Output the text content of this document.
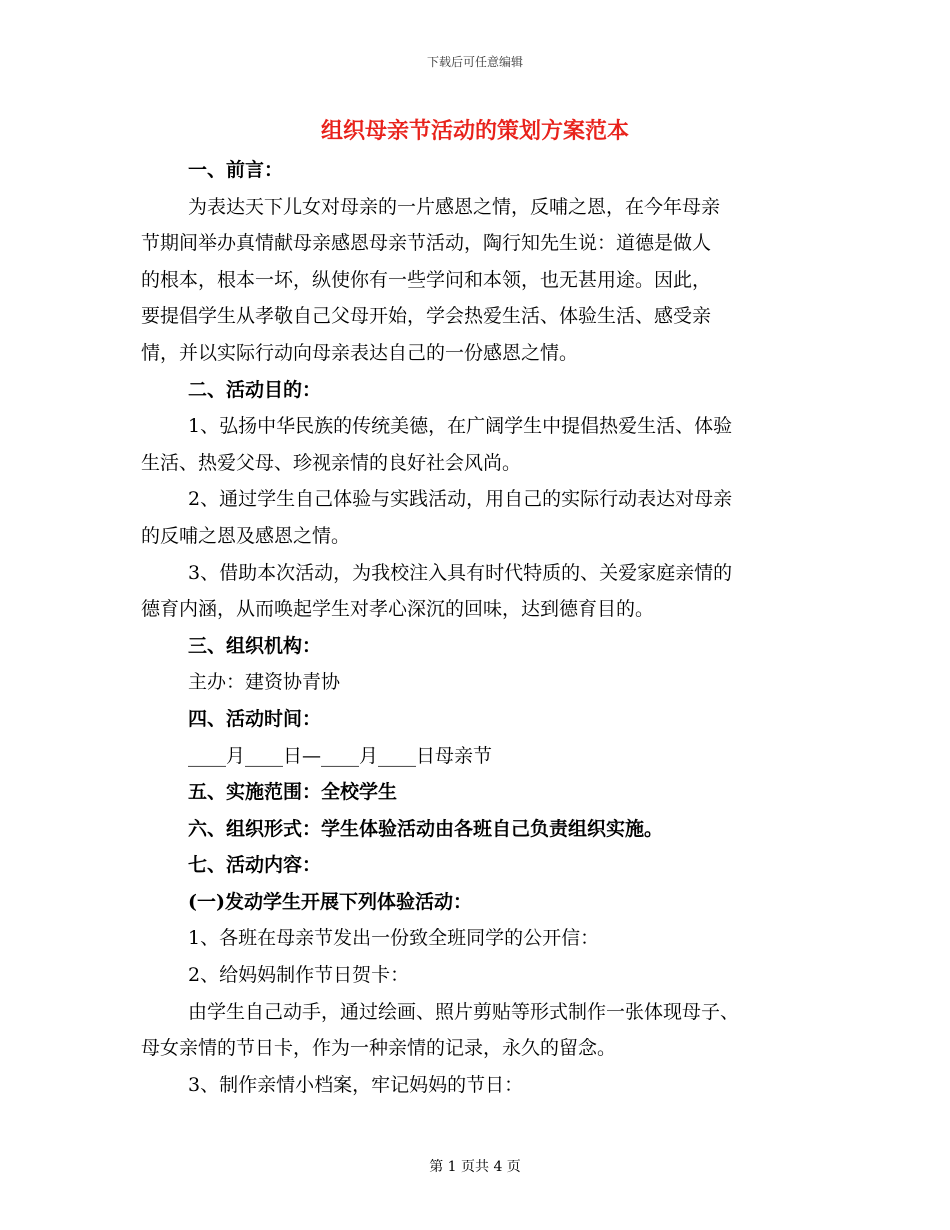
下载后可任意编辑
组织母亲节活动的策划方案范本
一、前言：
为表达天下儿女对母亲的一片感恩之情，反哺之恩，在今年母亲
节期间举办真情献母亲感恩母亲节活动，陶行知先生说：道德是做人
的根本，根本一坏，纵使你有一些学问和本领，也无甚用途。因此，
要提倡学生从孝敬自己父母开始，学会热爱生活、体验生活、感受亲
情，并以实际行动向母亲表达自己的一份感恩之情。
二、活动目的：
1、弘扬中华民族的传统美德，在广阔学生中提倡热爱生活、体验
生活、热爱父母、珍视亲情的良好社会风尚。
2、通过学生自己体验与实践活动，用自己的实际行动表达对母亲
的反哺之恩及感恩之情。
3、借助本次活动，为我校注入具有时代特质的、关爱家庭亲情的
德育内涵，从而唤起学生对孝心深沉的回味，达到德育目的。
三、组织机构：
主办：建资协青协
四、活动时间：
____月____日—____月____日母亲节
五、实施范围：全校学生
六、组织形式：学生体验活动由各班自己负责组织实施。
七、活动内容：
(一)发动学生开展下列体验活动：
1、各班在母亲节发出一份致全班同学的公开信：
2、给妈妈制作节日贺卡：
由学生自己动手，通过绘画、照片剪贴等形式制作一张体现母子、
母女亲情的节日卡，作为一种亲情的记录，永久的留念。
3、制作亲情小档案，牢记妈妈的节日：
第 1 页共 4 页
